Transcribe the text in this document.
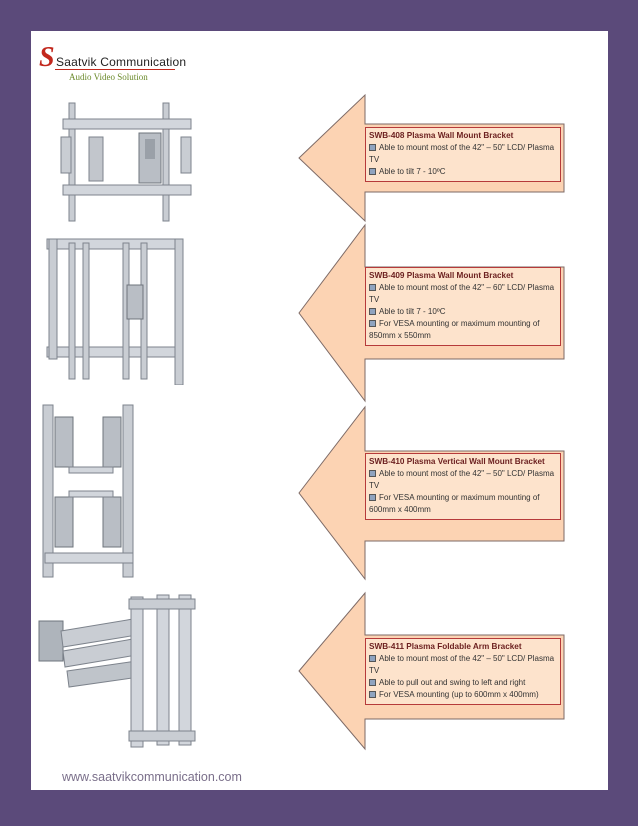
S Saatvik Communication
Audio Video Solution
SWB-408 Plasma Wall Mount Bracket
Able to mount most of the 42" – 50" LCD/ Plasma TV
Able to tilt 7 - 10ºC
SWB-409 Plasma Wall Mount Bracket
Able to mount most of the 42" – 60" LCD/ Plasma TV
Able to tilt 7 - 10ºC
For VESA mounting or maximum mounting of 850mm x 550mm
SWB-410 Plasma Vertical Wall Mount Bracket
Able to mount most of the 42" – 50" LCD/ Plasma TV
For VESA mounting or maximum mounting of 600mm x 400mm
SWB-411 Plasma Foldable Arm Bracket
Able to mount most of the 42" – 50" LCD/ Plasma TV
Able to pull out and swing to left and right
For VESA mounting (up to 600mm x 400mm)
www.saatvikcommunication.com
